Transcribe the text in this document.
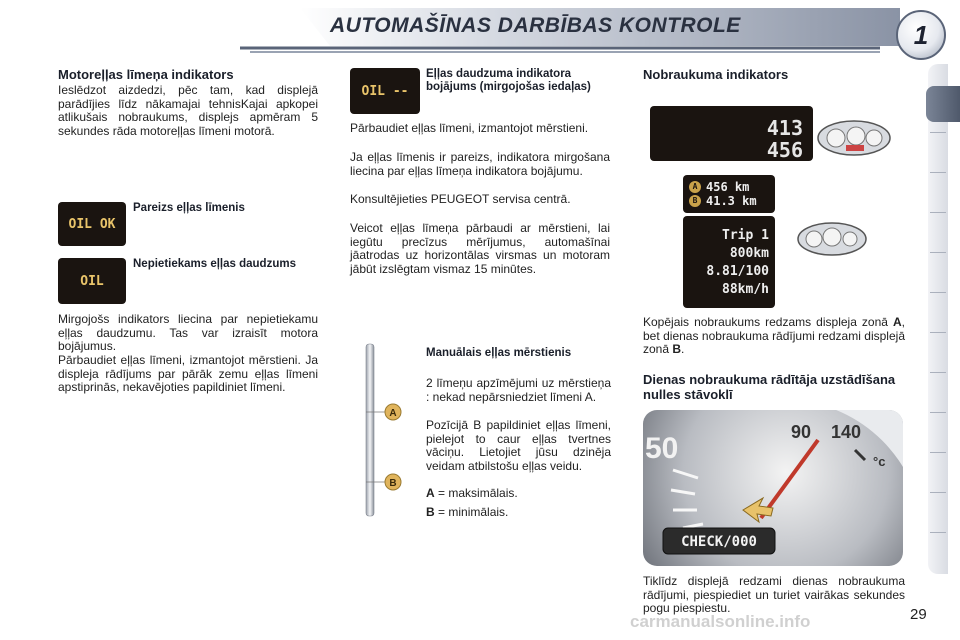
AUTOMAŠĪNAS DARBĪBAS KONTROLE	1
Motoreļļas līmeņa indikators
Ieslēdzot aizdedzi, pēc tam, kad displejā parādījies līdz nākamajai tehnisKajai apkopei atlikušais nobraukums, displejs apmēram 5 sekundes rāda motoreļļas līmeni motorā.
OIL OK
Pareizs eļļas līmenis
OIL
Nepietiekams eļļas daudzums
Mirgojošs indikators liecina par nepietiekamu eļļas daudzumu. Tas var izraisīt motora bojājumus.
Pārbaudiet eļļas līmeni, izmantojot mērstieni. Ja displeja rādījums par pārāk zemu eļļas līmeni apstiprinās, nekavējoties papildiniet līmeni.
OIL --
Eļļas daudzuma indikatora bojājums (mirgojošas iedaļas)
Pārbaudiet eļļas līmeni, izmantojot mērstieni.
Ja eļļas līmenis ir pareizs, indikatora mirgošana liecina par eļļas līmeņa indikatora bojājumu.
Konsultējieties PEUGEOT servisa centrā.
Veicot eļļas līmeņa pārbaudi ar mērstieni, lai iegūtu precīzus mērījumus, automašīnai jāatrodas uz horizontālas virsmas un motoram jābūt izslēgtam vismaz 15 minūtes.
A
B
Manuālais eļļas mērstienis
2 līmeņu apzīmējumi uz mērstieņa : nekad nepārsniedziet līmeni A.
Pozīcijā B papildiniet eļļas līmeni, pielejot to caur eļļas tvertnes vāciņu. Lietojiet jūsu dzinēja veidam atbilstošu eļļas veidu.
A = maksimālais.
B = minimālais.
Nobraukuma indikators
413
456
A 456 km
B 41.3 km
Trip 1
800km
8.81/100
88km/h
Kopējais nobraukums redzams displeja zonā A, bet dienas nobraukuma rādījumi redzami displejā zonā B.
Dienas nobraukuma rādītāja uzstādīšana nulles stāvoklī
50	90 140
°c
CHECK/000
Tiklīdz displejā redzami dienas nobraukuma rādījumi, piespiediet un turiet vairākas sekundes pogu piespiestu.
carmanualsonline.info	29
